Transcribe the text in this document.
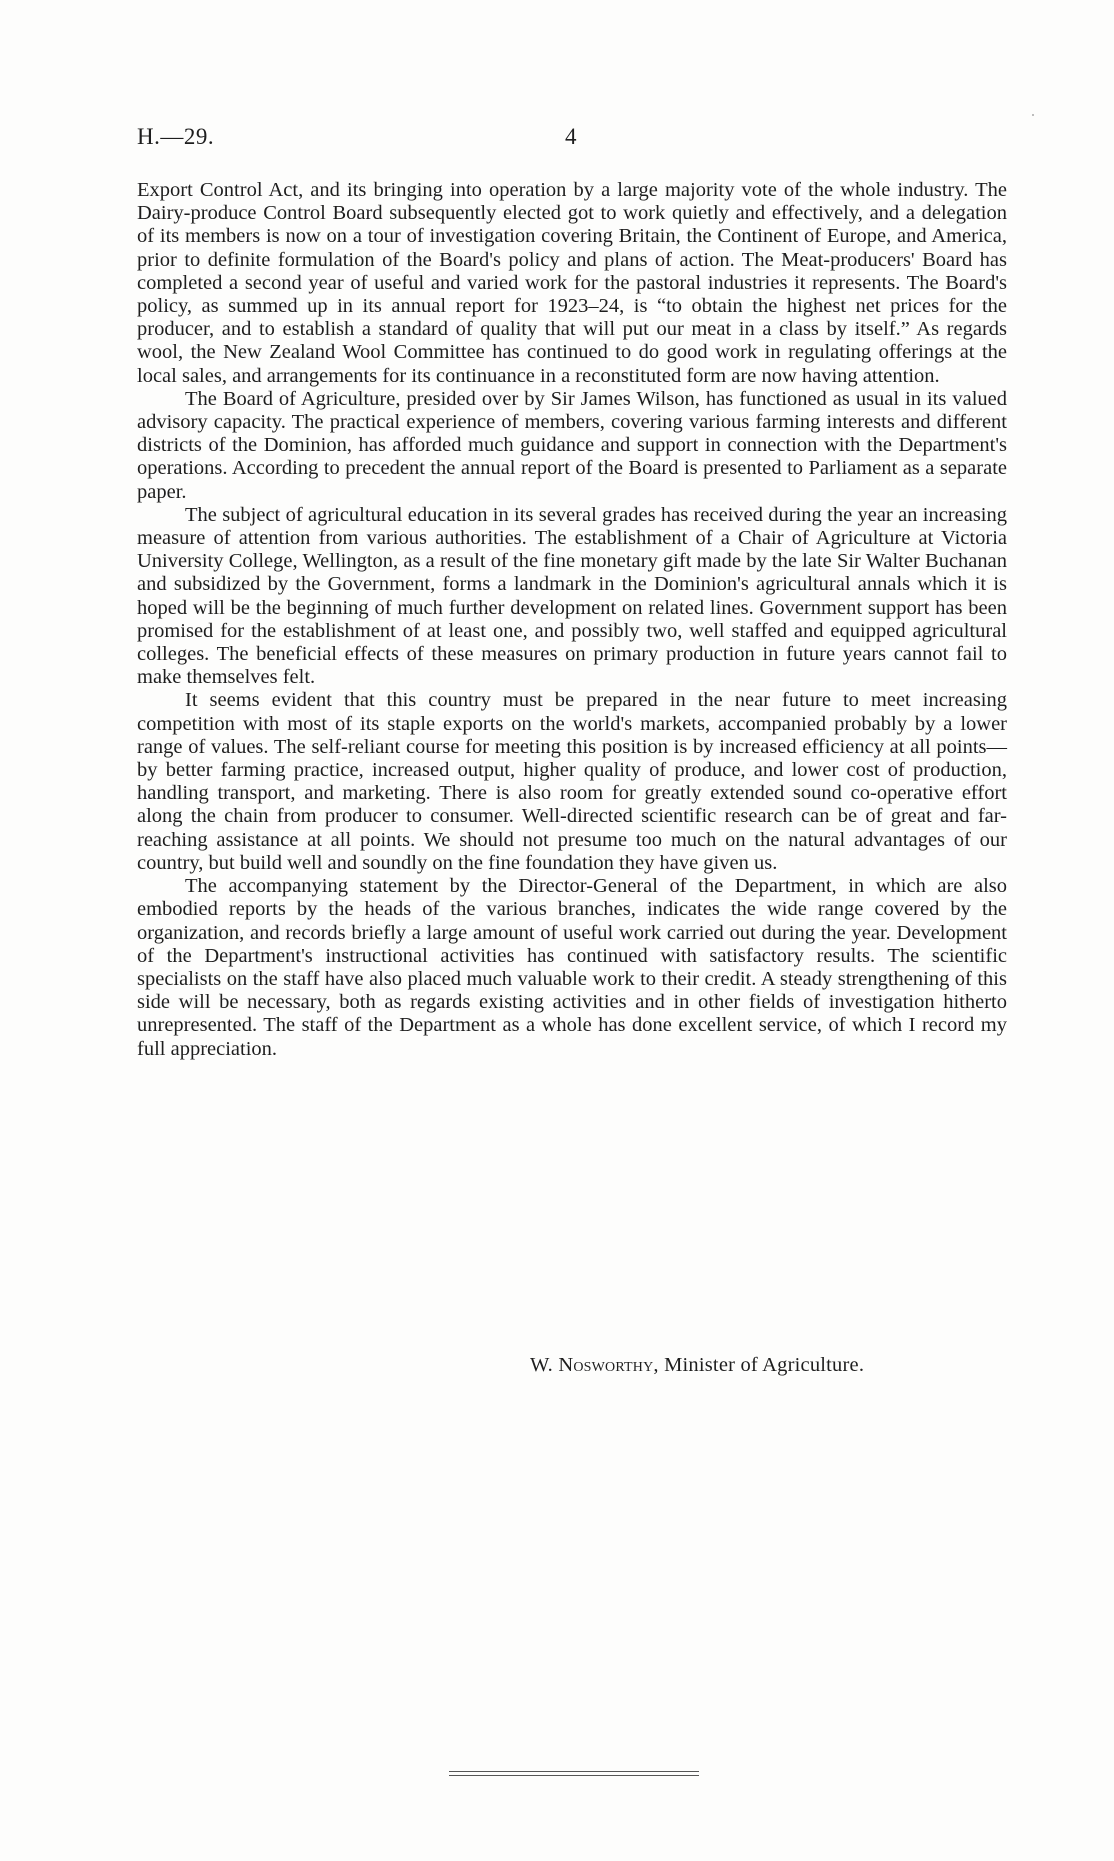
H.—29.	4

Export Control Act, and its bringing into operation by a large majority vote of the whole industry. The Dairy-produce Control Board subsequently elected got to work quietly and effectively, and a delegation of its members is now on a tour of investigation covering Britain, the Continent of Europe, and America, prior to definite formulation of the Board's policy and plans of action. The Meat-producers' Board has completed a second year of useful and varied work for the pastoral industries it represents. The Board's policy, as summed up in its annual report for 1923–24, is “to obtain the highest net prices for the producer, and to establish a standard of quality that will put our meat in a class by itself.” As regards wool, the New Zealand Wool Committee has continued to do good work in regulating offerings at the local sales, and arrangements for its continuance in a reconstituted form are now having attention.

The Board of Agriculture, presided over by Sir James Wilson, has functioned as usual in its valued advisory capacity. The practical experience of members, covering various farming interests and different districts of the Dominion, has afforded much guidance and support in connection with the Department's operations. According to precedent the annual report of the Board is presented to Parliament as a separate paper.

The subject of agricultural education in its several grades has received during the year an increasing measure of attention from various authorities. The establishment of a Chair of Agriculture at Victoria University College, Wellington, as a result of the fine monetary gift made by the late Sir Walter Buchanan and subsidized by the Government, forms a landmark in the Dominion's agricultural annals which it is hoped will be the beginning of much further development on related lines. Government support has been promised for the establishment of at least one, and possibly two, well staffed and equipped agricultural colleges. The beneficial effects of these measures on primary production in future years cannot fail to make themselves felt.

It seems evident that this country must be prepared in the near future to meet increasing competition with most of its staple exports on the world's markets, accompanied probably by a lower range of values. The self-reliant course for meeting this position is by increased efficiency at all points—by better farming practice, increased output, higher quality of produce, and lower cost of production, handling transport, and marketing. There is also room for greatly extended sound co-operative effort along the chain from producer to consumer. Well-directed scientific research can be of great and far-reaching assistance at all points. We should not presume too much on the natural advantages of our country, but build well and soundly on the fine foundation they have given us.

The accompanying statement by the Director-General of the Department, in which are also embodied reports by the heads of the various branches, indicates the wide range covered by the organization, and records briefly a large amount of useful work carried out during the year. Development of the Department's instructional activities has continued with satisfactory results. The scientific specialists on the staff have also placed much valuable work to their credit. A steady strengthening of this side will be necessary, both as regards existing activities and in other fields of investigation hitherto unrepresented. The staff of the Department as a whole has done excellent service, of which I record my full appreciation.

W. Nosworthy, Minister of Agriculture.
